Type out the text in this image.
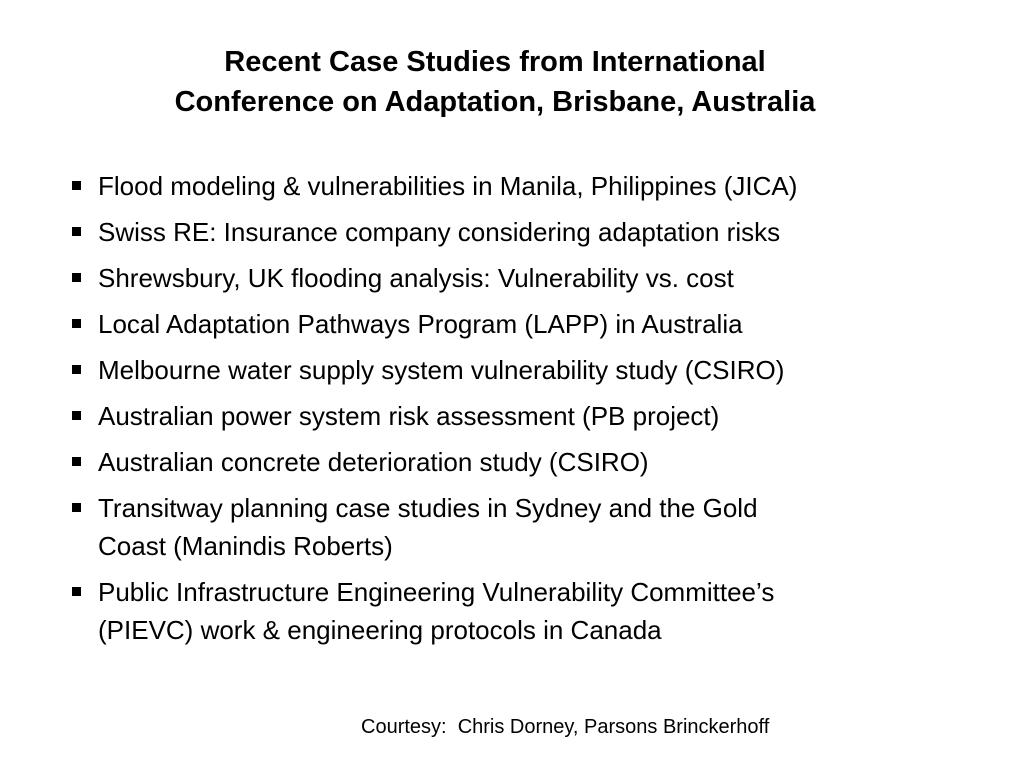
Recent Case Studies from International
Conference on Adaptation, Brisbane, Australia
Flood modeling & vulnerabilities in Manila, Philippines (JICA)
Swiss RE: Insurance company considering adaptation risks
Shrewsbury, UK flooding analysis: Vulnerability vs. cost
Local Adaptation Pathways Program (LAPP) in Australia
Melbourne water supply system vulnerability study (CSIRO)
Australian power system risk assessment (PB project)
Australian concrete deterioration study (CSIRO)
Transitway planning case studies in Sydney and the Gold
Coast (Manindis Roberts)
Public Infrastructure Engineering Vulnerability Committee’s
(PIEVC) work & engineering protocols in Canada
Courtesy:  Chris Dorney, Parsons Brinckerhoff
